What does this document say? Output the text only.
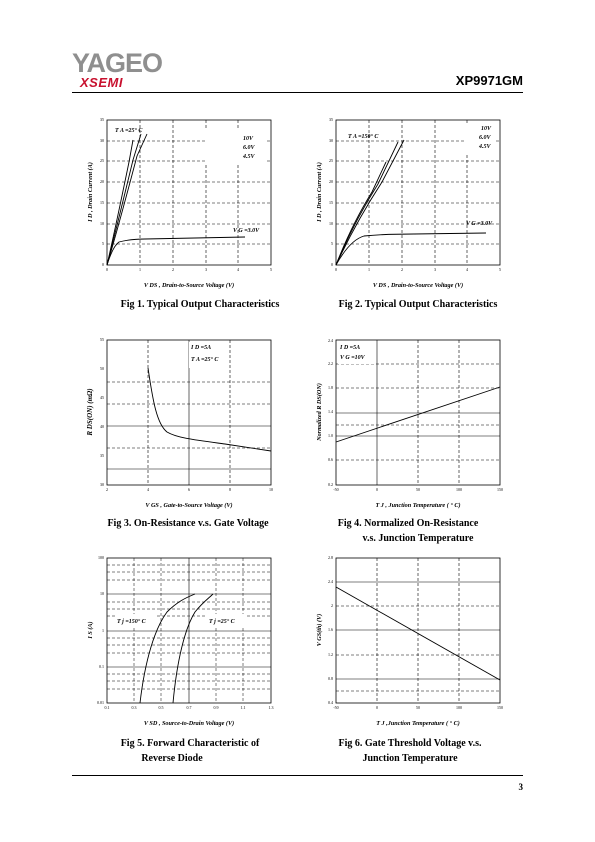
YAGEO
XSEMI	XP9971GM
T A =25° C
10V
6.0V
4.5V
V G =3.0V
0	1	2	3	4	5
0
5
10
15
20
25
30
35
V DS , Drain-to-Source Voltage (V)
I D , Drain Current (A)
Fig 1. Typical Output Characteristics
T A =150° C
10V
6.0V
4.5V
V G =3.0V
0	1	2	3	4	5
0
5
10
15
20
25
30
35
V DS , Drain-to-Source Voltage (V)
I D , Drain Current (A)
Fig 2. Typical Output Characteristics
I D =5A
T A =25° C
2	4	6	8	10
30
35
40
45
50
55
V GS , Gate-to-Source Voltage (V)
R DS(ON) (mΩ)
Fig 3. On-Resistance v.s. Gate Voltage
I D =5A
V G =10V
-50	0	50	100	150
0.2
0.6
1.0
1.4
1.8
2.2
2.4
T J , Junction Temperature ( ° C)
Normalized R DS(ON)
Fig 4. Normalized On-Resistance
v.s. Junction Temperature
T j =150° C	T j =25° C
0.1	0.3	0.5	0.7	0.9	1.1	1.3
0.01
0.1
1
10
100
V SD , Source-to-Drain Voltage (V)
I S (A)
Fig 5. Forward Characteristic of
Reverse Diode
-50	0	50	100	150
0.4
0.8
1.2
1.6
2
2.4
2.8
T J ,Junction Temperature ( ° C)
V GS(th) (V)
Fig 6. Gate Threshold Voltage v.s.
Junction Temperature
3
